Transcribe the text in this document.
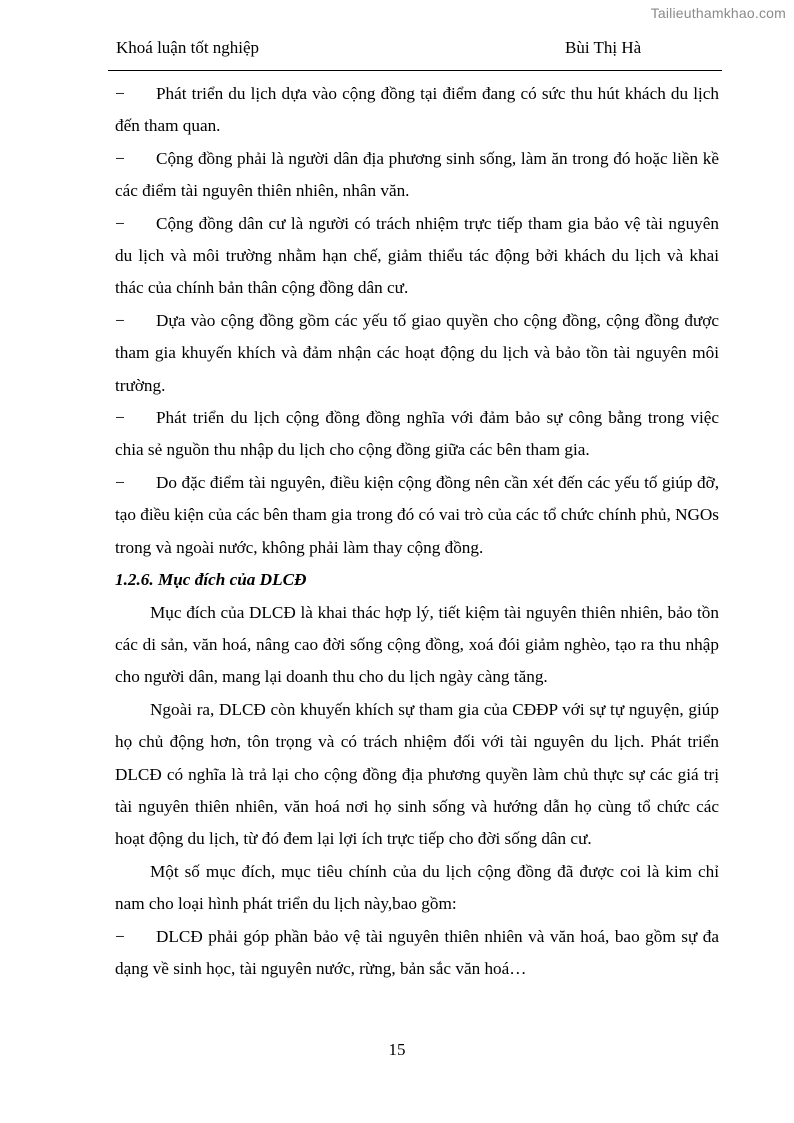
Tailieuthamkhao.com
Khoá luận tốt nghiệp	Bùi Thị Hà

− Phát triển du lịch dựa vào cộng đồng tại điểm đang có sức thu hút khách du lịch đến tham quan.

− Cộng đồng phải là người dân địa phương sinh sống, làm ăn trong đó hoặc liền kề các điểm tài nguyên thiên nhiên, nhân văn.

− Cộng đồng dân cư là người có trách nhiệm trực tiếp tham gia bảo vệ tài nguyên du lịch và môi trường nhằm hạn chế, giảm thiểu tác động bởi khách du lịch và khai thác của chính bản thân cộng đồng dân cư.

− Dựa vào cộng đồng gồm các yếu tố giao quyền cho cộng đồng, cộng đồng được tham gia khuyến khích và đảm nhận các hoạt động du lịch và bảo tồn tài nguyên môi trường.

− Phát triển du lịch cộng đồng đồng nghĩa với đảm bảo sự công bằng trong việc chia sẻ nguồn thu nhập du lịch cho cộng đồng giữa các bên tham gia.

− Do đặc điểm tài nguyên, điều kiện cộng đồng nên cần xét đến các yếu tố giúp đỡ, tạo điều kiện của các bên tham gia trong đó có vai trò của các tổ chức chính phủ, NGOs trong và ngoài nước, không phải làm thay cộng đồng.

1.2.6. Mục đích của DLCĐ

Mục đích của DLCĐ là khai thác hợp lý, tiết kiệm tài nguyên thiên nhiên, bảo tồn các di sản, văn hoá, nâng cao đời sống cộng đồng, xoá đói giảm nghèo, tạo ra thu nhập cho người dân, mang lại doanh thu cho du lịch ngày càng tăng.

Ngoài ra, DLCĐ còn khuyến khích sự tham gia của CĐĐP với sự tự nguyện, giúp họ chủ động hơn, tôn trọng và có trách nhiệm đối với tài nguyên du lịch. Phát triển DLCĐ có nghĩa là trả lại cho cộng đồng địa phương quyền làm chủ thực sự các giá trị tài nguyên thiên nhiên, văn hoá nơi họ sinh sống và hướng dẫn họ cùng tổ chức các hoạt động du lịch, từ đó đem lại lợi ích trực tiếp cho đời sống dân cư.

Một số mục đích, mục tiêu chính của du lịch cộng đồng đã được coi là kim chỉ nam cho loại hình phát triển du lịch này,bao gồm:

− DLCĐ phải góp phần bảo vệ tài nguyên thiên nhiên và văn hoá, bao gồm sự đa dạng về sinh học, tài nguyên nước, rừng, bản sắc văn hoá…

15
